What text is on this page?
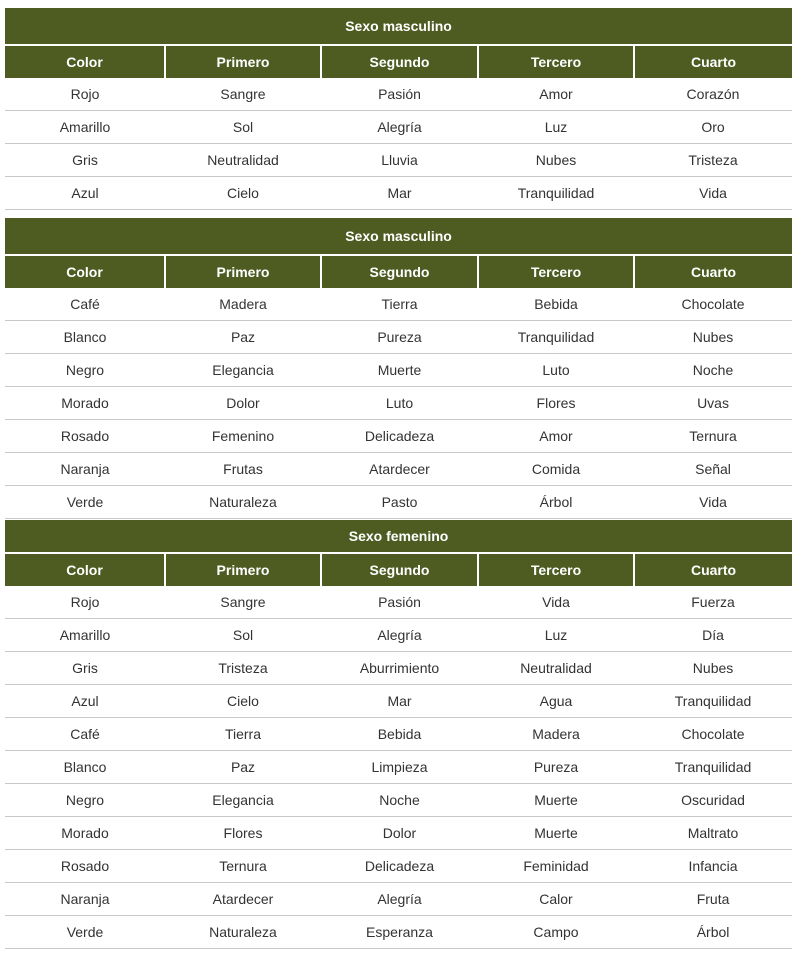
Sexo masculino				
Color	Primero	Segundo	Tercero	Cuarto
Rojo	Sangre	Pasión	Amor	Corazón
Amarillo	Sol	Alegría	Luz	Oro
Gris	Neutralidad	Lluvia	Nubes	Tristeza
Azul	Cielo	Mar	Tranquilidad	Vida
Sexo masculino				
Color	Primero	Segundo	Tercero	Cuarto
Café	Madera	Tierra	Bebida	Chocolate
Blanco	Paz	Pureza	Tranquilidad	Nubes
Negro	Elegancia	Muerte	Luto	Noche
Morado	Dolor	Luto	Flores	Uvas
Rosado	Femenino	Delicadeza	Amor	Ternura
Naranja	Frutas	Atardecer	Comida	Señal
Verde	Naturaleza	Pasto	Árbol	Vida
Sexo femenino				
Color	Primero	Segundo	Tercero	Cuarto
Rojo	Sangre	Pasión	Vida	Fuerza
Amarillo	Sol	Alegría	Luz	Día
Gris	Tristeza	Aburrimiento	Neutralidad	Nubes
Azul	Cielo	Mar	Agua	Tranquilidad
Café	Tierra	Bebida	Madera	Chocolate
Blanco	Paz	Limpieza	Pureza	Tranquilidad
Negro	Elegancia	Noche	Muerte	Oscuridad
Morado	Flores	Dolor	Muerte	Maltrato
Rosado	Ternura	Delicadeza	Feminidad	Infancia
Naranja	Atardecer	Alegría	Calor	Fruta
Verde	Naturaleza	Esperanza	Campo	Árbol
